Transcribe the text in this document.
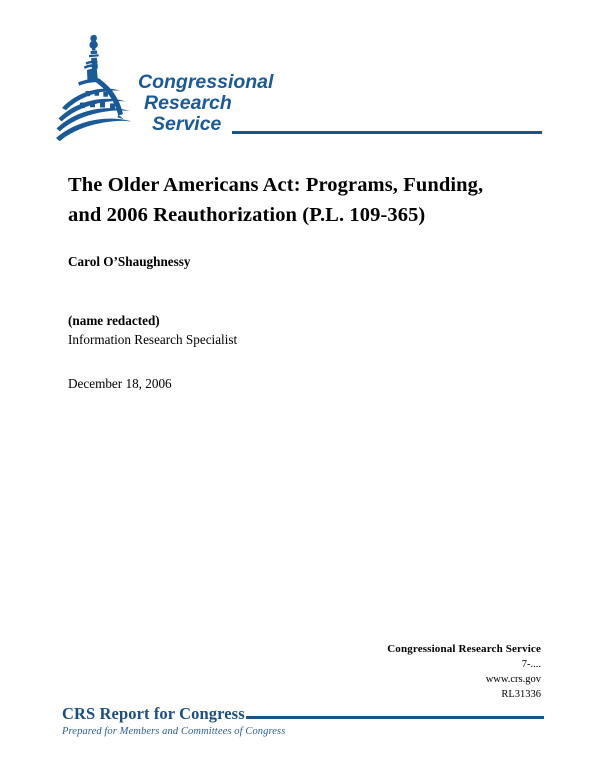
Congressional
Research
Service
The Older Americans Act: Programs, Funding,
and 2006 Reauthorization (P.L. 109-365)

Carol O’Shaughnessy

(name redacted)

Information Research Specialist

December 18, 2006

Congressional Research Service
7-....
www.crs.gov
RL31336
CRS Report for Congress

Prepared for Members and Committees of Congress
